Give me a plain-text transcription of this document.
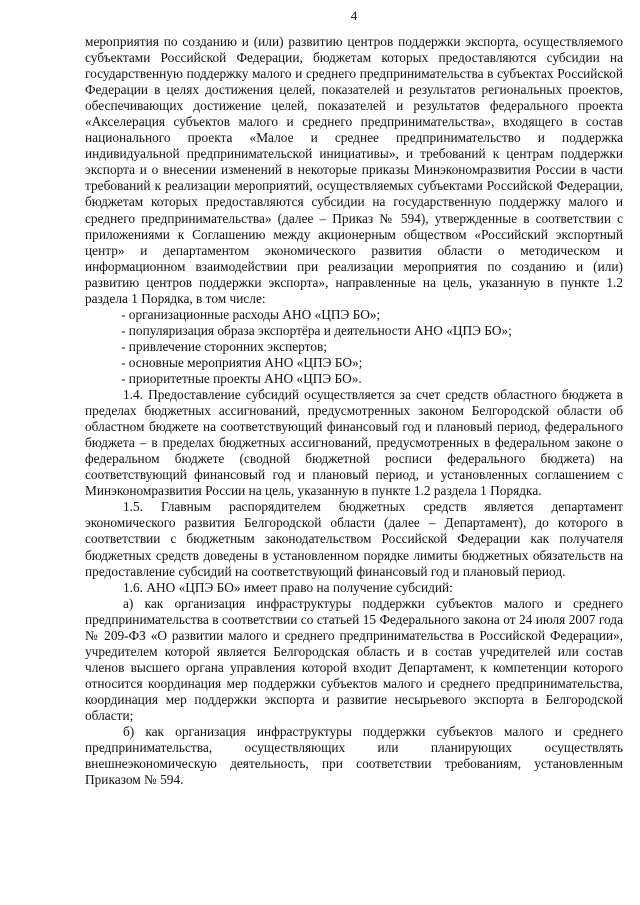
4

мероприятия по созданию и (или) развитию центров поддержки экспорта, осуществляемого субъектами Российской Федерации, бюджетам которых предоставляются субсидии на государственную поддержку малого и среднего предпринимательства в субъектах Российской Федерации в целях достижения целей, показателей и результатов региональных проектов, обеспечивающих достижение целей, показателей и результатов федерального проекта «Акселерация субъектов малого и среднего предпринимательства», входящего в состав национального проекта «Малое и среднее предпринимательство и поддержка индивидуальной предпринимательской инициативы», и требований к центрам поддержки экспорта и о внесении изменений в некоторые приказы Минэкономразвития России в части требований к реализации мероприятий, осуществляемых субъектами Российской Федерации, бюджетам которых предоставляются субсидии на государственную поддержку малого и среднего предпринимательства» (далее – Приказ № 594), утвержденные в соответствии с приложениями к Соглашению между акционерным обществом «Российский экспортный центр» и департаментом экономического развития области о методическом и информационном взаимодействии при реализации мероприятия по созданию и (или) развитию центров поддержки экспорта», направленные на цель, указанную в пункте 1.2 раздела 1 Порядка, в том числе:

- организационные расходы АНО «ЦПЭ БО»;
- популяризация образа экспортёра и деятельности АНО «ЦПЭ БО»;
- привлечение сторонних экспертов;
- основные мероприятия АНО «ЦПЭ БО»;
- приоритетные проекты АНО «ЦПЭ БО».

1.4. Предоставление субсидий осуществляется за счет средств областного бюджета в пределах бюджетных ассигнований, предусмотренных законом Белгородской области об областном бюджете на соответствующий финансовый год и плановый период, федерального бюджета – в пределах бюджетных ассигнований, предусмотренных в федеральном законе о федеральном бюджете (сводной бюджетной росписи федерального бюджета) на соответствующий финансовый год и плановый период, и установленных соглашением с Минэкономразвития России на цель, указанную в пункте 1.2 раздела 1 Порядка.

1.5. Главным распорядителем бюджетных средств является департамент экономического развития Белгородской области (далее – Департамент), до которого в соответствии с бюджетным законодательством Российской Федерации как получателя бюджетных средств доведены в установленном порядке лимиты бюджетных обязательств на предоставление субсидий на соответствующий финансовый год и плановый период.

1.6. АНО «ЦПЭ БО» имеет право на получение субсидий:

а) как организация инфраструктуры поддержки субъектов малого и среднего предпринимательства в соответствии со статьей 15 Федерального закона от 24 июля 2007 года № 209-ФЗ «О развитии малого и среднего предпринимательства в Российской Федерации», учредителем которой является Белгородская область и в состав учредителей или состав членов высшего органа управления которой входит Департамент, к компетенции которого относится координация мер поддержки субъектов малого и среднего предпринимательства, координация мер поддержки экспорта и развитие несырьевого экспорта в Белгородской области;

б) как организация инфраструктуры поддержки субъектов малого и среднего предпринимательства, осуществляющих или планирующих осуществлять внешнеэкономическую деятельность, при соответствии требованиям, установленным Приказом № 594.
